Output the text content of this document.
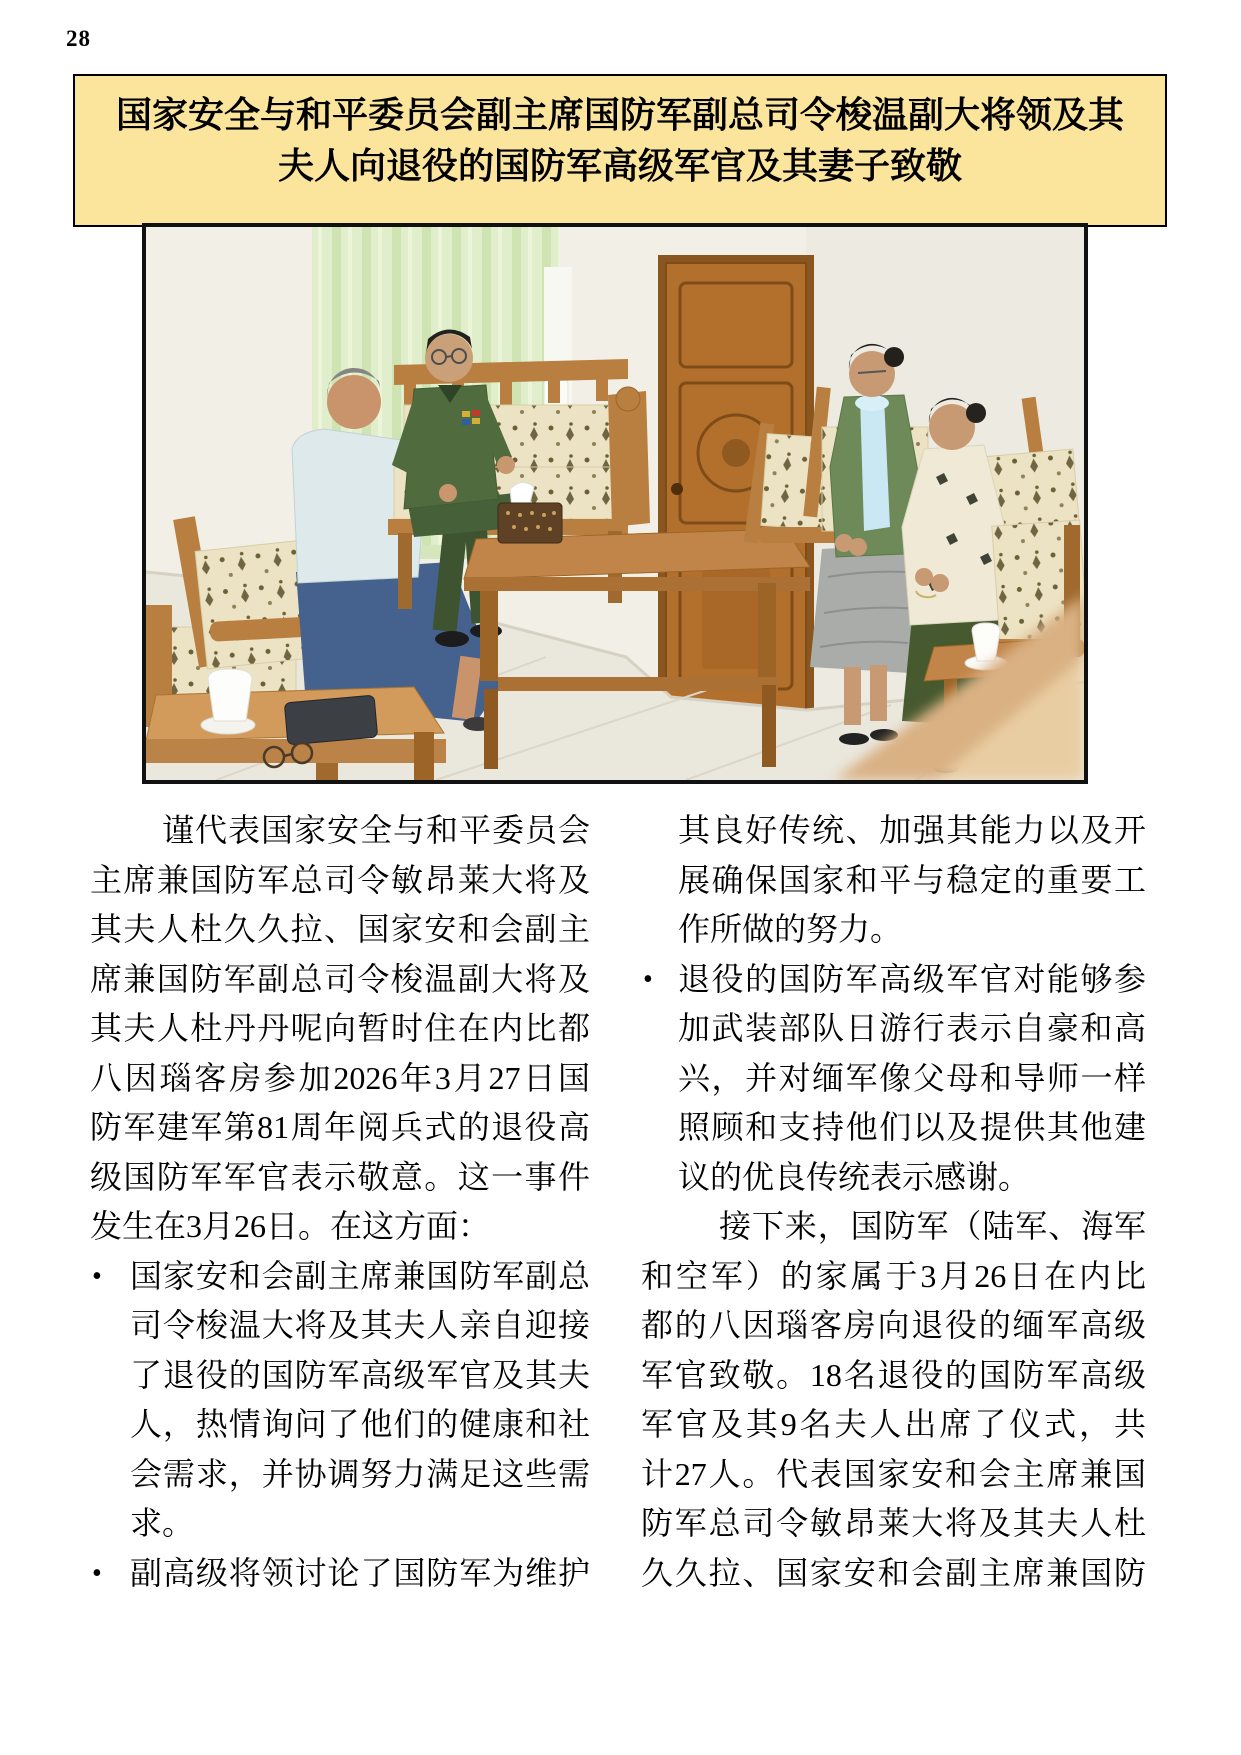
28
国家安全与和平委员会副主席国防军副总司令梭温副大将领及其
夫人向退役的国防军高级军官及其妻子致敬
谨代表国家安全与和平委员会
主席兼国防军总司令敏昂莱大将及
其夫人杜久久拉、国家安和会副主
席兼国防军副总司令梭温副大将及
其夫人杜丹丹呢向暂时住在内比都
八因瑙客房参加2026年3月27日国
防军建军第81周年阅兵式的退役高
级国防军军官表示敬意。这一事件
发生在3月26日。在这方面：
• 国家安和会副主席兼国防军副总
司令梭温大将及其夫人亲自迎接
了退役的国防军高级军官及其夫
人，热情询问了他们的健康和社
会需求，并协调努力满足这些需
求。
• 副高级将领讨论了国防军为维护
其良好传统、加强其能力以及开
展确保国家和平与稳定的重要工
作所做的努力。
• 退役的国防军高级军官对能够参
加武装部队日游行表示自豪和高
兴，并对缅军像父母和导师一样
照顾和支持他们以及提供其他建
议的优良传统表示感谢。
接下来，国防军（陆军、海军
和空军）的家属于3月26日在内比
都的八因瑙客房向退役的缅军高级
军官致敬。18名退役的国防军高级
军官及其9名夫人出席了仪式，共
计27人。代表国家安和会主席兼国
防军总司令敏昂莱大将及其夫人杜
久久拉、国家安和会副主席兼国防
